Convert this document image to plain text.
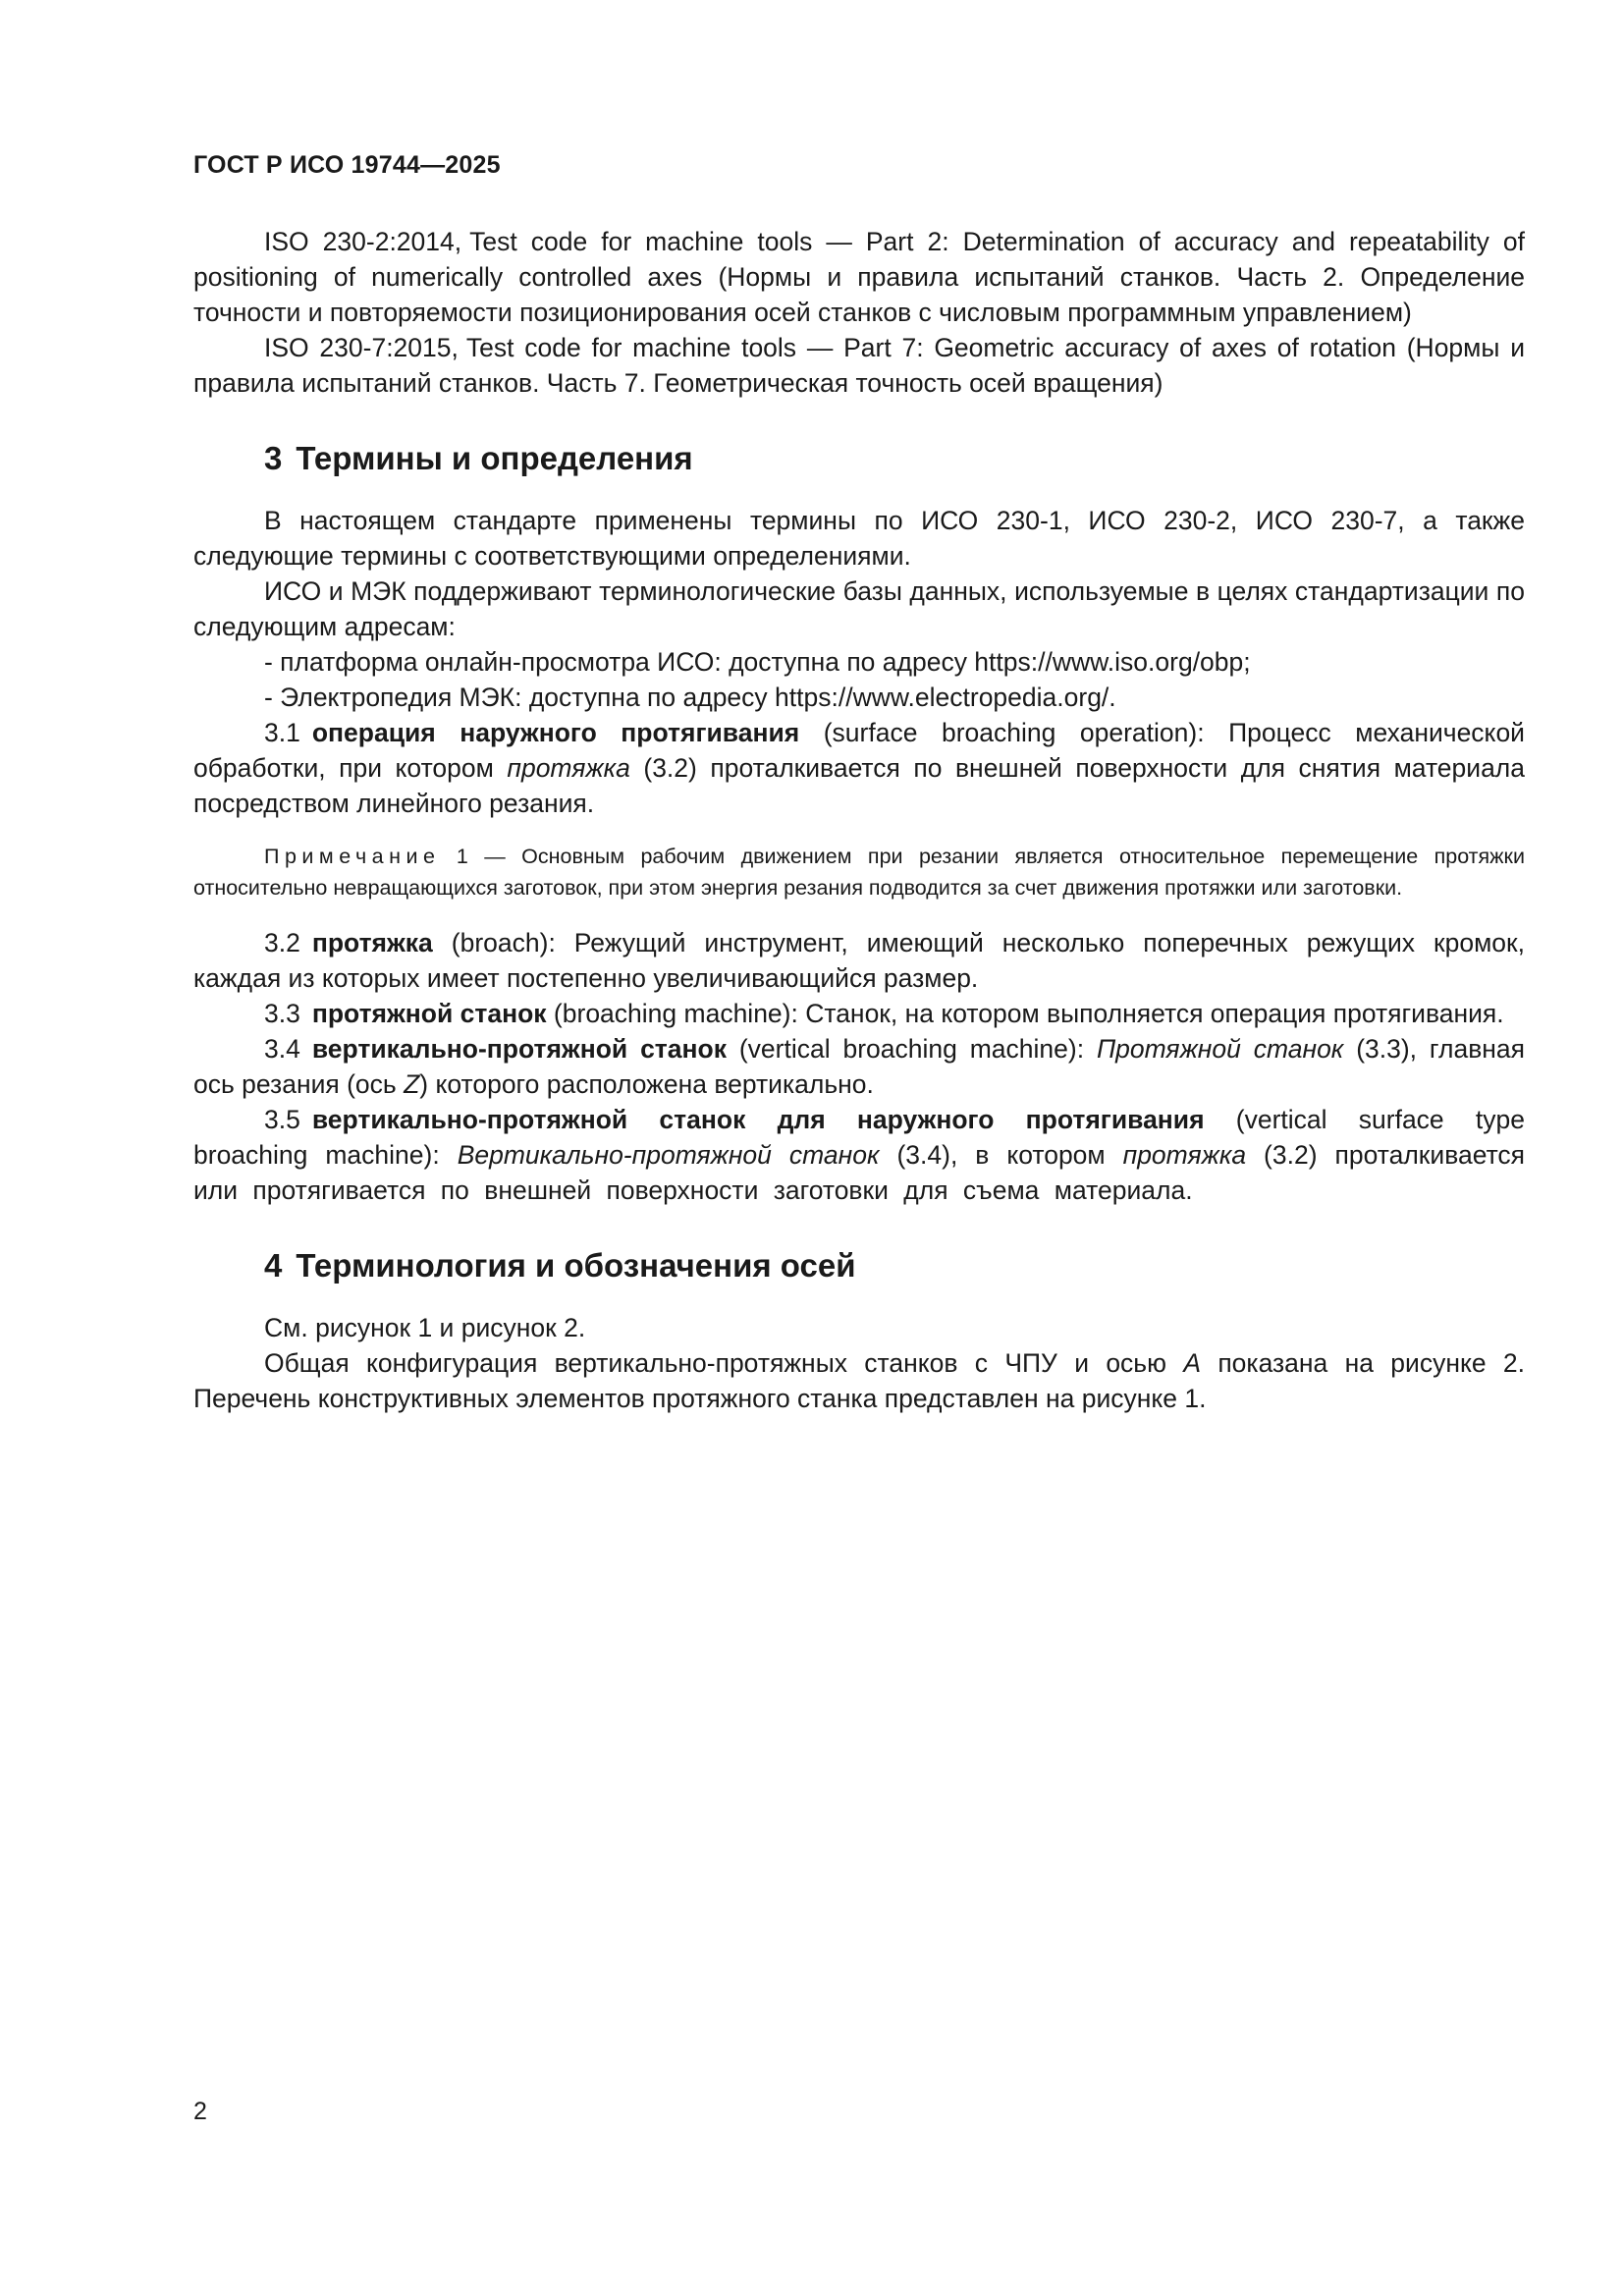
ГОСТ Р ИСО 19744—2025

ISO 230-2:2014, Test code for machine tools — Part 2: Determination of accuracy and repeatability of positioning of numerically controlled axes (Нормы и правила испытаний станков. Часть 2. Определение точности и повторяемости позиционирования осей станков с числовым программным управлением)

ISO 230-7:2015, Test code for machine tools — Part 7: Geometric accuracy of axes of rotation (Нормы и правила испытаний станков. Часть 7. Геометрическая точность осей вращения)

3 Термины и определения

В настоящем стандарте применены термины по ИСО 230-1, ИСО 230-2, ИСО 230-7, а также следующие термины с соответствующими определениями.

ИСО и МЭК поддерживают терминологические базы данных, используемые в целях стандартизации по следующим адресам:

- платформа онлайн-просмотра ИСО: доступна по адресу https://www.iso.org/obp;

- Электропедия МЭК: доступна по адресу https://www.electropedia.org/.

3.1 операция наружного протягивания (surface broaching operation): Процесс механической обработки, при котором протяжка (3.2) проталкивается по внешней поверхности для снятия материала посредством линейного резания.

Примечание 1 — Основным рабочим движением при резании является относительное перемещение протяжки относительно невращающихся заготовок, при этом энергия резания подводится за счет движения протяжки или заготовки.

3.2 протяжка (broach): Режущий инструмент, имеющий несколько поперечных режущих кромок, каждая из которых имеет постепенно увеличивающийся размер.

3.3 протяжной станок (broaching machine): Станок, на котором выполняется операция протягивания.

3.4 вертикально-протяжной станок (vertical broaching machine): Протяжной станок (3.3), главная ось резания (ось Z) которого расположена вертикально.

3.5 вертикально-протяжной станок для наружного протягивания (vertical surface type broaching machine): Вертикально-протяжной станок (3.4), в котором протяжка (3.2) проталкивается или протягивается по внешней поверхности заготовки для съема материала.

4 Терминология и обозначения осей

См. рисунок 1 и рисунок 2.

Общая конфигурация вертикально-протяжных станков с ЧПУ и осью A показана на рисунке 2. Перечень конструктивных элементов протяжного станка представлен на рисунке 1.

2
